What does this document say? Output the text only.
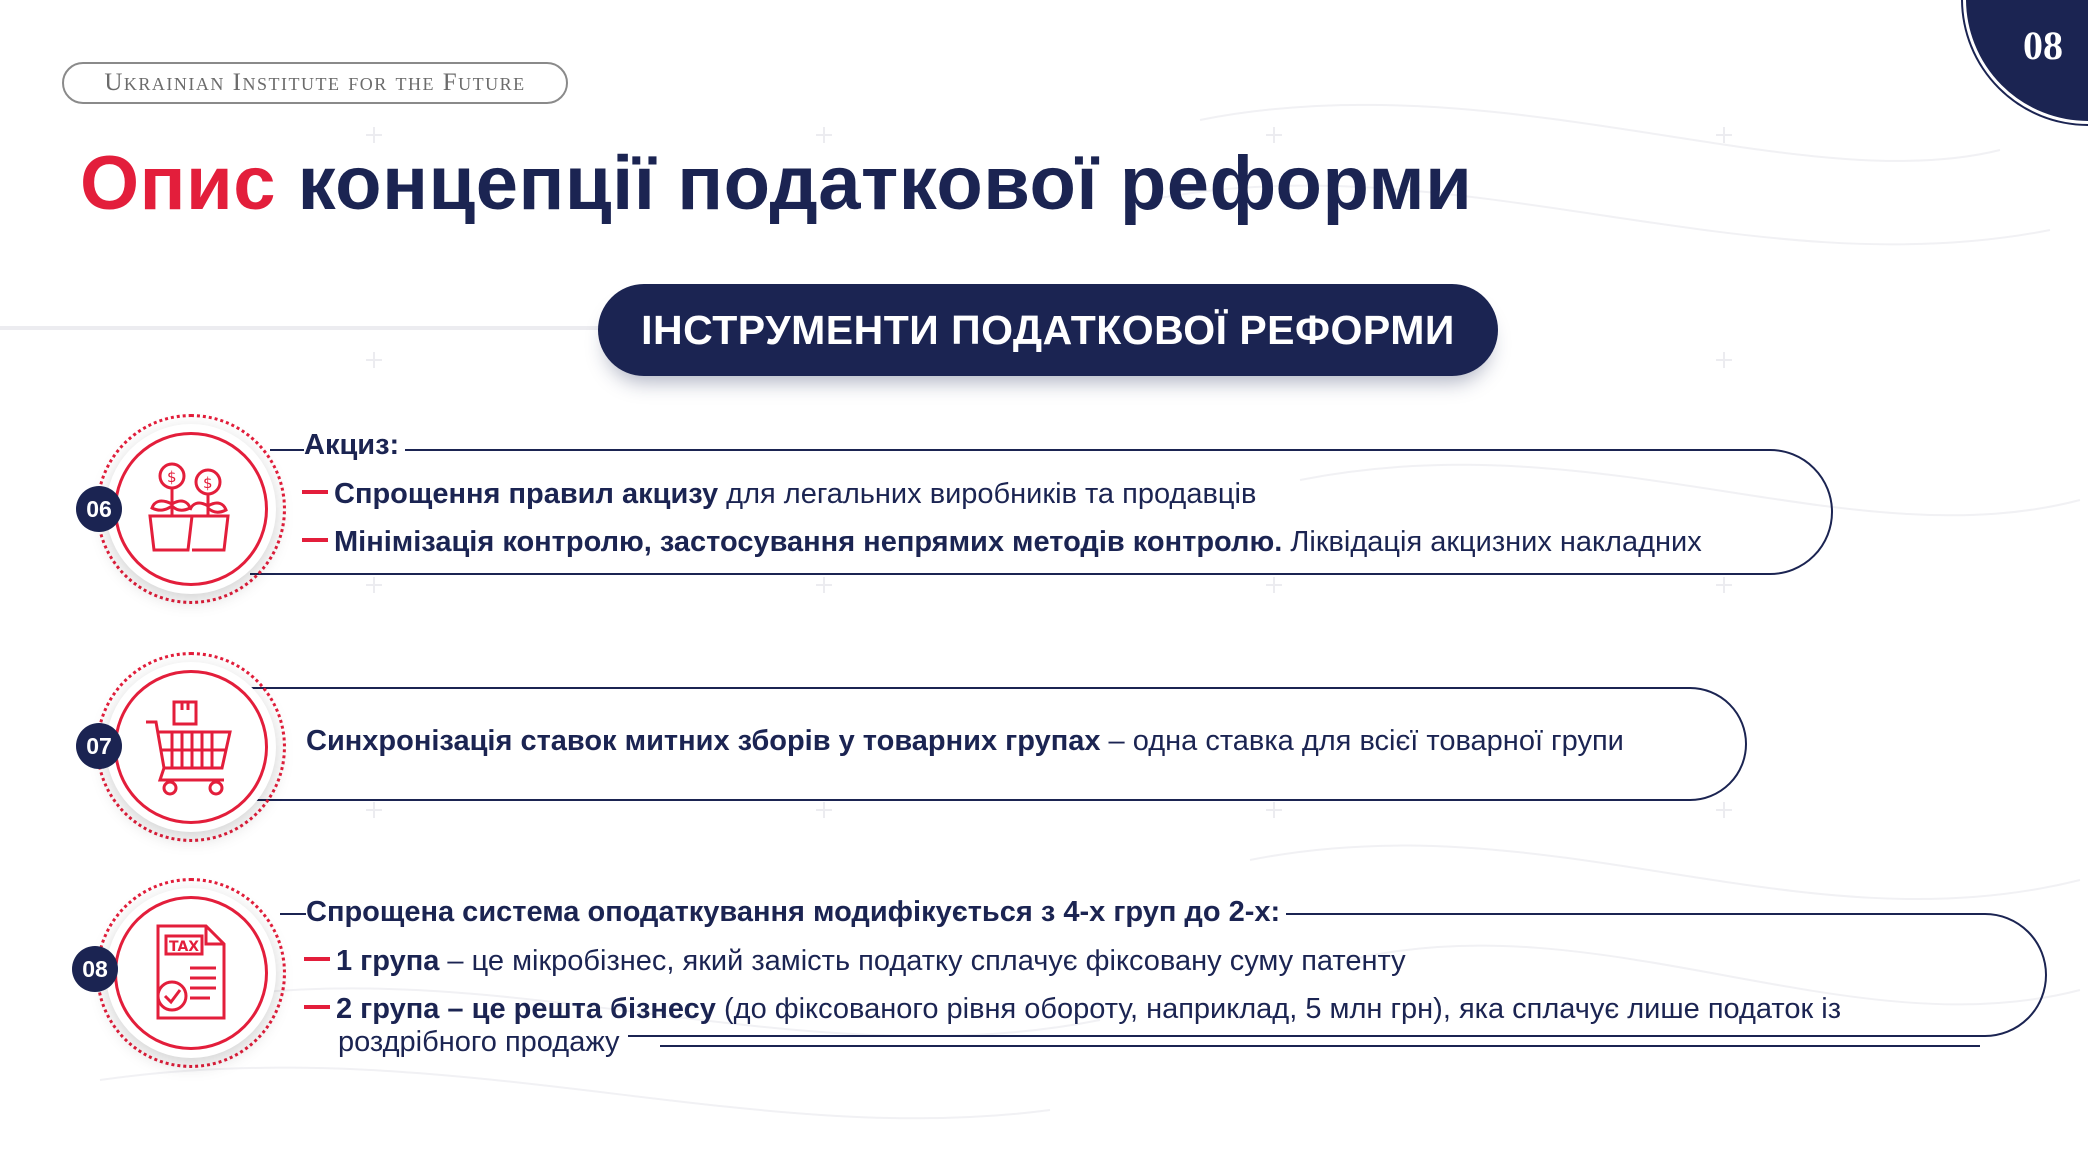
Ukrainian Institute for the Future
08
Опис концепції податкової реформи
ІНСТРУМЕНТИ ПОДАТКОВОЇ РЕФОРМИ
$ $
06
Акциз:
Спрощення правил акцизу для легальних виробників та продавців
Мінімізація контролю, застосування непрямих методів контролю. Ліквідація акцизних накладних
07	Синхронізація ставок митних зборів у товарних групах – одна ставка для всієї товарної групи
TAX
08
Спрощена система оподаткування модифікується з 4-х груп до 2-х:
1 група – це мікробізнес, який замість податку сплачує фіксовану суму патенту
2 група – це решта бізнесу (до фіксованого рівня обороту, наприклад, 5 млн грн), яка сплачує лише податок із
роздрібного продажу
